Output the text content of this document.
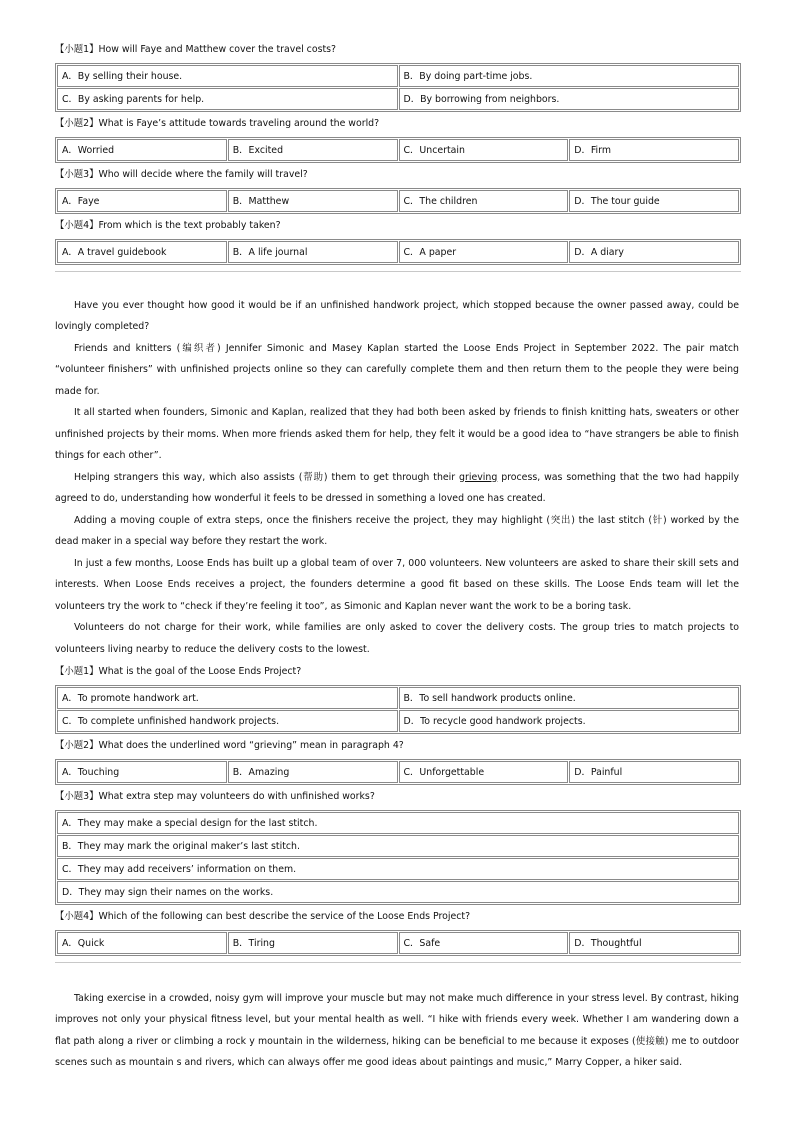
【小题1】How will Faye and Matthew cover the travel costs?
A．By selling their house.	B．By doing part-time jobs.
C．By asking parents for help.	D．By borrowing from neighbors.
【小题2】What is Faye’s attitude towards traveling around the world?
A．Worried	B．Excited	C．Uncertain	D．Firm
【小题3】Who will decide where the family will travel?
A．Faye	B．Matthew	C．The children	D．The tour guide
【小题4】From which is the text probably taken?
A．A travel guidebook	B．A life journal	C．A paper	D．A diary

Have you ever thought how good it would be if an unfinished handwork project, which stopped because the owner passed away, could be lovingly completed?

Friends and knitters (编织者) Jennifer Simonic and Masey Kaplan started the Loose Ends Project in September 2022. The pair match “volunteer finishers” with unfinished projects online so they can carefully complete them and then return them to the people they were being made for.

It all started when founders, Simonic and Kaplan, realized that they had both been asked by friends to finish knitting hats, sweaters or other unfinished projects by their moms. When more friends asked them for help, they felt it would be a good idea to “have strangers be able to finish things for each other”.

Helping strangers this way, which also assists (帮助) them to get through their grieving process, was something that the two had happily agreed to do, understanding how wonderful it feels to be dressed in something a loved one has created.

Adding a moving couple of extra steps, once the finishers receive the project, they may highlight (突出) the last stitch (针) worked by the dead maker in a special way before they restart the work.

In just a few months, Loose Ends has built up a global team of over 7, 000 volunteers. New volunteers are asked to share their skill sets and interests. When Loose Ends receives a project, the founders determine a good fit based on these skills. The Loose Ends team will let the volunteers try the work to “check if they’re feeling it too”, as Simonic and Kaplan never want the work to be a boring task.

Volunteers do not charge for their work, while families are only asked to cover the delivery costs. The group tries to match projects to volunteers living nearby to reduce the delivery costs to the lowest.

【小题1】What is the goal of the Loose Ends Project?
A．To promote handwork art.	B．To sell handwork products online.
C．To complete unfinished handwork projects.	D．To recycle good handwork projects.
【小题2】What does the underlined word “grieving” mean in paragraph 4?
A．Touching	B．Amazing	C．Unforgettable	D．Painful
【小题3】What extra step may volunteers do with unfinished works?
A．They may make a special design for the last stitch.
B．They may mark the original maker’s last stitch.
C．They may add receivers’ information on them.
D．They may sign their names on the works.
【小题4】Which of the following can best describe the service of the Loose Ends Project?
A．Quick	B．Tiring	C．Safe	D．Thoughtful

Taking exercise in a crowded, noisy gym will improve your muscle but may not make much difference in your stress level. By contrast, hiking improves not only your physical fitness level, but your mental health as well. “I hike with friends every week. Whether I am wandering down a flat path along a river or climbing a rock y mountain in the wilderness, hiking can be beneficial to me because it exposes (使接触) me to outdoor scenes such as mountain s and rivers, which can always offer me good ideas about paintings and music,” Marry Copper, a hiker said.
